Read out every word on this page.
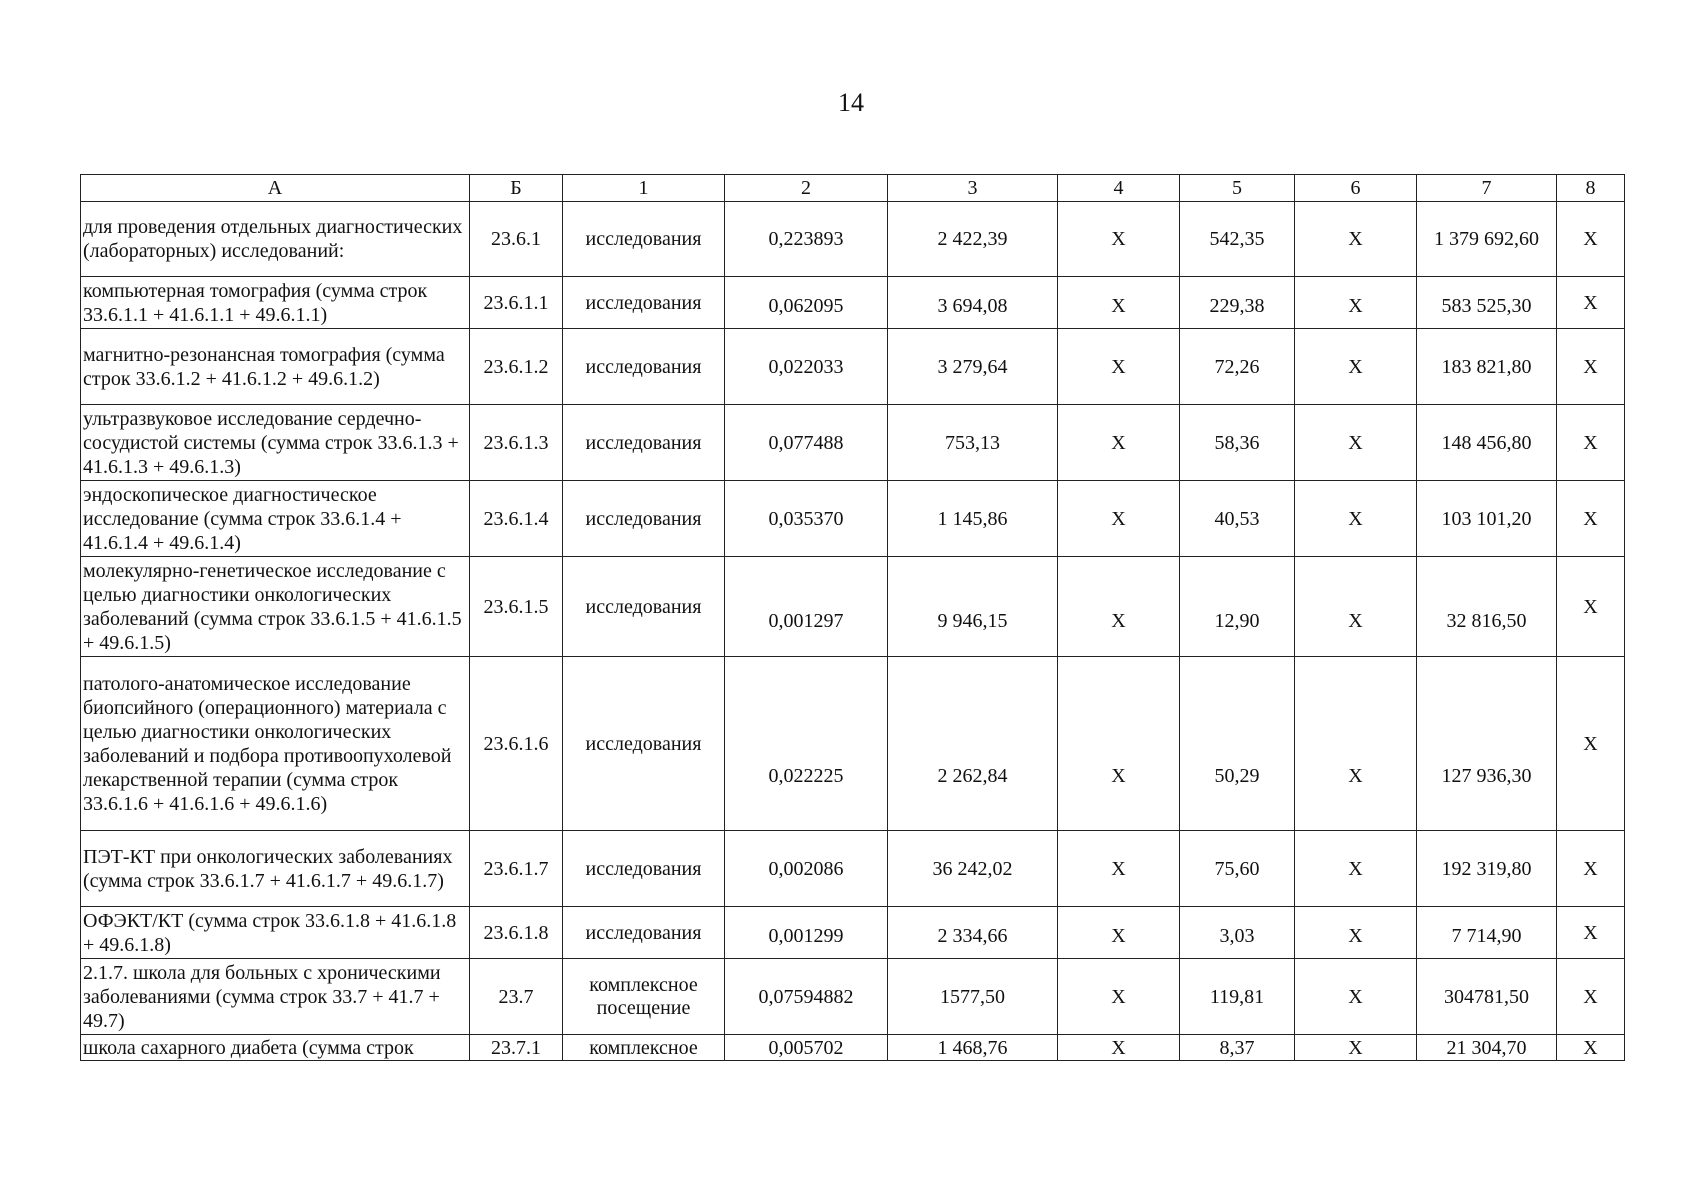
14
А	Б	1	2	3	4	5	6	7	8
для проведения отдельных диагностических (лабораторных) исследований:	23.6.1	исследования	0,223893	2 422,39	Х	542,35	Х	1 379 692,60	Х
компьютерная томография (сумма строк 33.6.1.1 + 41.6.1.1 + 49.6.1.1)	23.6.1.1	исследования	0,062095	3 694,08	Х	229,38	Х	583 525,30	Х
магнитно-резонансная томография (сумма строк 33.6.1.2 + 41.6.1.2 + 49.6.1.2)	23.6.1.2	исследования	0,022033	3 279,64	Х	72,26	Х	183 821,80	Х
ультразвуковое исследование сердечно-сосудистой системы (сумма строк 33.6.1.3 + 41.6.1.3 + 49.6.1.3)	23.6.1.3	исследования	0,077488	753,13	Х	58,36	Х	148 456,80	Х
эндоскопическое диагностическое исследование (сумма строк 33.6.1.4 + 41.6.1.4 + 49.6.1.4)	23.6.1.4	исследования	0,035370	1 145,86	Х	40,53	Х	103 101,20	Х
молекулярно-генетическое исследование с целью диагностики онкологических заболеваний (сумма строк 33.6.1.5 + 41.6.1.5 + 49.6.1.5)	23.6.1.5	исследования	0,001297	9 946,15	Х	12,90	Х	32 816,50	Х
патолого-анатомическое исследование биопсийного (операционного) материала с целью диагностики онкологических заболеваний и подбора противоопухолевой лекарственной терапии (сумма строк 33.6.1.6 + 41.6.1.6 + 49.6.1.6)	23.6.1.6	исследования	0,022225	2 262,84	Х	50,29	Х	127 936,30	Х
ПЭТ-КТ при онкологических заболеваниях (сумма строк 33.6.1.7 + 41.6.1.7 + 49.6.1.7)	23.6.1.7	исследования	0,002086	36 242,02	Х	75,60	Х	192 319,80	Х
ОФЭКТ/КТ (сумма строк 33.6.1.8 + 41.6.1.8 + 49.6.1.8)	23.6.1.8	исследования	0,001299	2 334,66	Х	3,03	Х	7 714,90	Х
2.1.7. школа для больных с хроническими заболеваниями (сумма строк 33.7 + 41.7 + 49.7)	23.7	комплексное посещение	0,07594882	1577,50	Х	119,81	Х	304781,50	Х
школа сахарного диабета (сумма строк	23.7.1	комплексное	0,005702	1 468,76	Х	8,37	Х	21 304,70	Х
